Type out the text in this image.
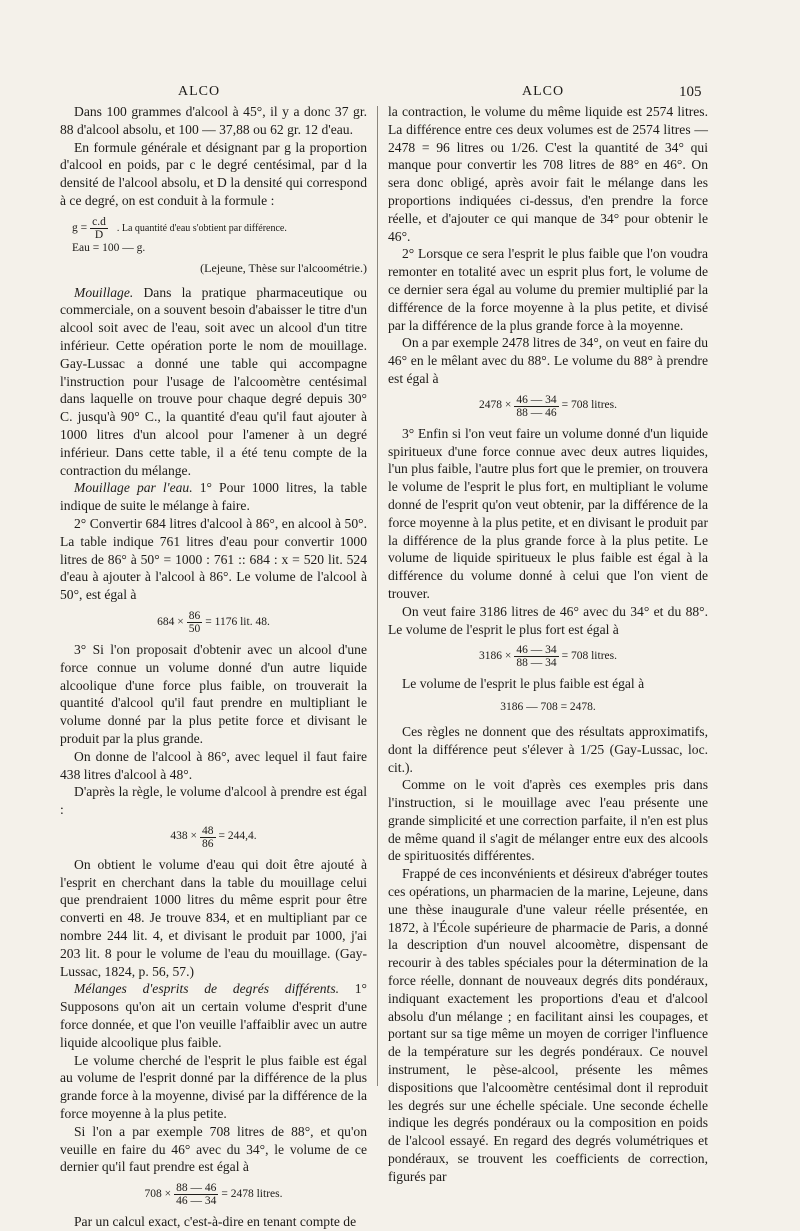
ALCO	ALCO	105

Dans 100 grammes d'alcool à 45°, il y a donc 37 gr. 88 d'alcool absolu, et 100 — 37,88 ou 62 gr. 12 d'eau.

En formule générale et désignant par g la proportion d'alcool en poids, par c le degré centésimal, par d la densité de l'alcool absolu, et D la densité qui correspond à ce degré, on est conduit à la formule :

$g = \frac{c.d}{D}$ . La quantité d'eau s'obtient par différence.
Eau = 100 — g.
(Lejeune, Thèse sur l'alcoométrie.)

Mouillage. Dans la pratique pharmaceutique ou commerciale, on a souvent besoin d'abaisser le titre d'un alcool soit avec de l'eau, soit avec un alcool d'un titre inférieur. Cette opération porte le nom de mouillage. Gay-Lussac a donné une table qui accompagne l'instruction pour l'usage de l'alcoomètre centésimal dans laquelle on trouve pour chaque degré depuis 30° C. jusqu'à 90° C., la quantité d'eau qu'il faut ajouter à 1000 litres d'un alcool pour l'amener à un degré inférieur. Dans cette table, il a été tenu compte de la contraction du mélange.

Mouillage par l'eau. 1° Pour 1000 litres, la table indique de suite le mélange à faire.

2° Convertir 684 litres d'alcool à 86°, en alcool à 50°. La table indique 761 litres d'eau pour convertir 1000 litres de 86° à 50° = 1000 : 761 :: 684 : x = 520 lit. 524 d'eau à ajouter à l'alcool à 86°. Le volume de l'alcool à 50°, est égal à

$684 \times \frac{86}{50} = 1176$ lit. 48.

3° Si l'on proposait d'obtenir avec un alcool d'une force connue un volume donné d'un autre liquide alcoolique d'une force plus faible, on trouverait la quantité d'alcool qu'il faut prendre en multipliant le volume donné par la plus petite force et divisant le produit par la plus grande.

On donne de l'alcool à 86°, avec lequel il faut faire 438 litres d'alcool à 48°.

D'après la règle, le volume d'alcool à prendre est égal :

$438 \times \frac{48}{86} = 244,4$.

On obtient le volume d'eau qui doit être ajouté à l'esprit en cherchant dans la table du mouillage celui que prendraient 1000 litres du même esprit pour être converti en 48. Je trouve 834, et en multipliant par ce nombre 244 lit. 4, et divisant le produit par 1000, j'ai 203 lit. 8 pour le volume de l'eau du mouillage. (Gay-Lussac, 1824, p. 56, 57.)

Mélanges d'esprits de degrés différents. 1° Supposons qu'on ait un certain volume d'esprit d'une force donnée, et que l'on veuille l'affaiblir avec un autre liquide alcoolique plus faible.

Le volume cherché de l'esprit le plus faible est égal au volume de l'esprit donné par la différence de la plus grande force à la moyenne, divisé par la différence de la force moyenne à la plus petite.

Si l'on a par exemple 708 litres de 88°, et qu'on veuille en faire du 46° avec du 34°, le volume de ce dernier qu'il faut prendre est égal à

$708 \times \frac{88 — 46}{46 — 34} = 2478$ litres.

Par un calcul exact, c'est-à-dire en tenant compte de

la contraction, le volume du même liquide est 2574 litres. La différence entre ces deux volumes est de 2574 litres — 2478 = 96 litres ou 1/26. C'est la quantité de 34° qui manque pour convertir les 708 litres de 88° en 46°. On sera donc obligé, après avoir fait le mélange dans les proportions indiquées ci-dessus, d'en prendre la force réelle, et d'ajouter ce qui manque de 34° pour obtenir le 46°.

2° Lorsque ce sera l'esprit le plus faible que l'on voudra remonter en totalité avec un esprit plus fort, le volume de ce dernier sera égal au volume du premier multiplié par la différence de la force moyenne à la plus petite, et divisé par la différence de la plus grande force à la moyenne.

On a par exemple 2478 litres de 34°, on veut en faire du 46° en le mêlant avec du 88°. Le volume du 88° à prendre est égal à

$2478 \times \frac{46 — 34}{88 — 46} = 708$ litres.

3° Enfin si l'on veut faire un volume donné d'un liquide spiritueux d'une force connue avec deux autres liquides, l'un plus faible, l'autre plus fort que le premier, on trouvera le volume de l'esprit le plus fort, en multipliant le volume donné de l'esprit qu'on veut obtenir, par la différence de la force moyenne à la plus petite, et en divisant le produit par la différence de la plus grande force à la plus petite. Le volume de liquide spiritueux le plus faible est égal à la différence du volume donné à celui que l'on vient de trouver.

On veut faire 3186 litres de 46° avec du 34° et du 88°. Le volume de l'esprit le plus fort est égal à

$3186 \times \frac{46 — 34}{88 — 34} = 708$ litres.

Le volume de l'esprit le plus faible est égal à

3186 — 708 = 2478.

Ces règles ne donnent que des résultats approximatifs, dont la différence peut s'élever à 1/25 (Gay-Lussac, loc. cit.).

Comme on le voit d'après ces exemples pris dans l'instruction, si le mouillage avec l'eau présente une grande simplicité et une correction parfaite, il n'en est plus de même quand il s'agit de mélanger entre eux des alcools de spirituosités différentes.

Frappé de ces inconvénients et désireux d'abréger toutes ces opérations, un pharmacien de la marine, Lejeune, dans une thèse inaugurale d'une valeur réelle présentée, en 1872, à l'École supérieure de pharmacie de Paris, a donné la description d'un nouvel alcoomètre, dispensant de recourir à des tables spéciales pour la détermination de la force réelle, donnant de nouveaux degrés dits pondéraux, indiquant exactement les proportions d'eau et d'alcool absolu d'un mélange ; en facilitant ainsi les coupages, et portant sur sa tige même un moyen de corriger l'influence de la température sur les degrés pondéraux. Ce nouvel instrument, le pèse-alcool, présente les mêmes dispositions que l'alcoomètre centésimal dont il reproduit les degrés sur une échelle spéciale. Une seconde échelle indique les degrés pondéraux ou la composition en poids de l'alcool essayé. En regard des degrés volumétriques et pondéraux, se trouvent les coefficients de correction, figurés par
